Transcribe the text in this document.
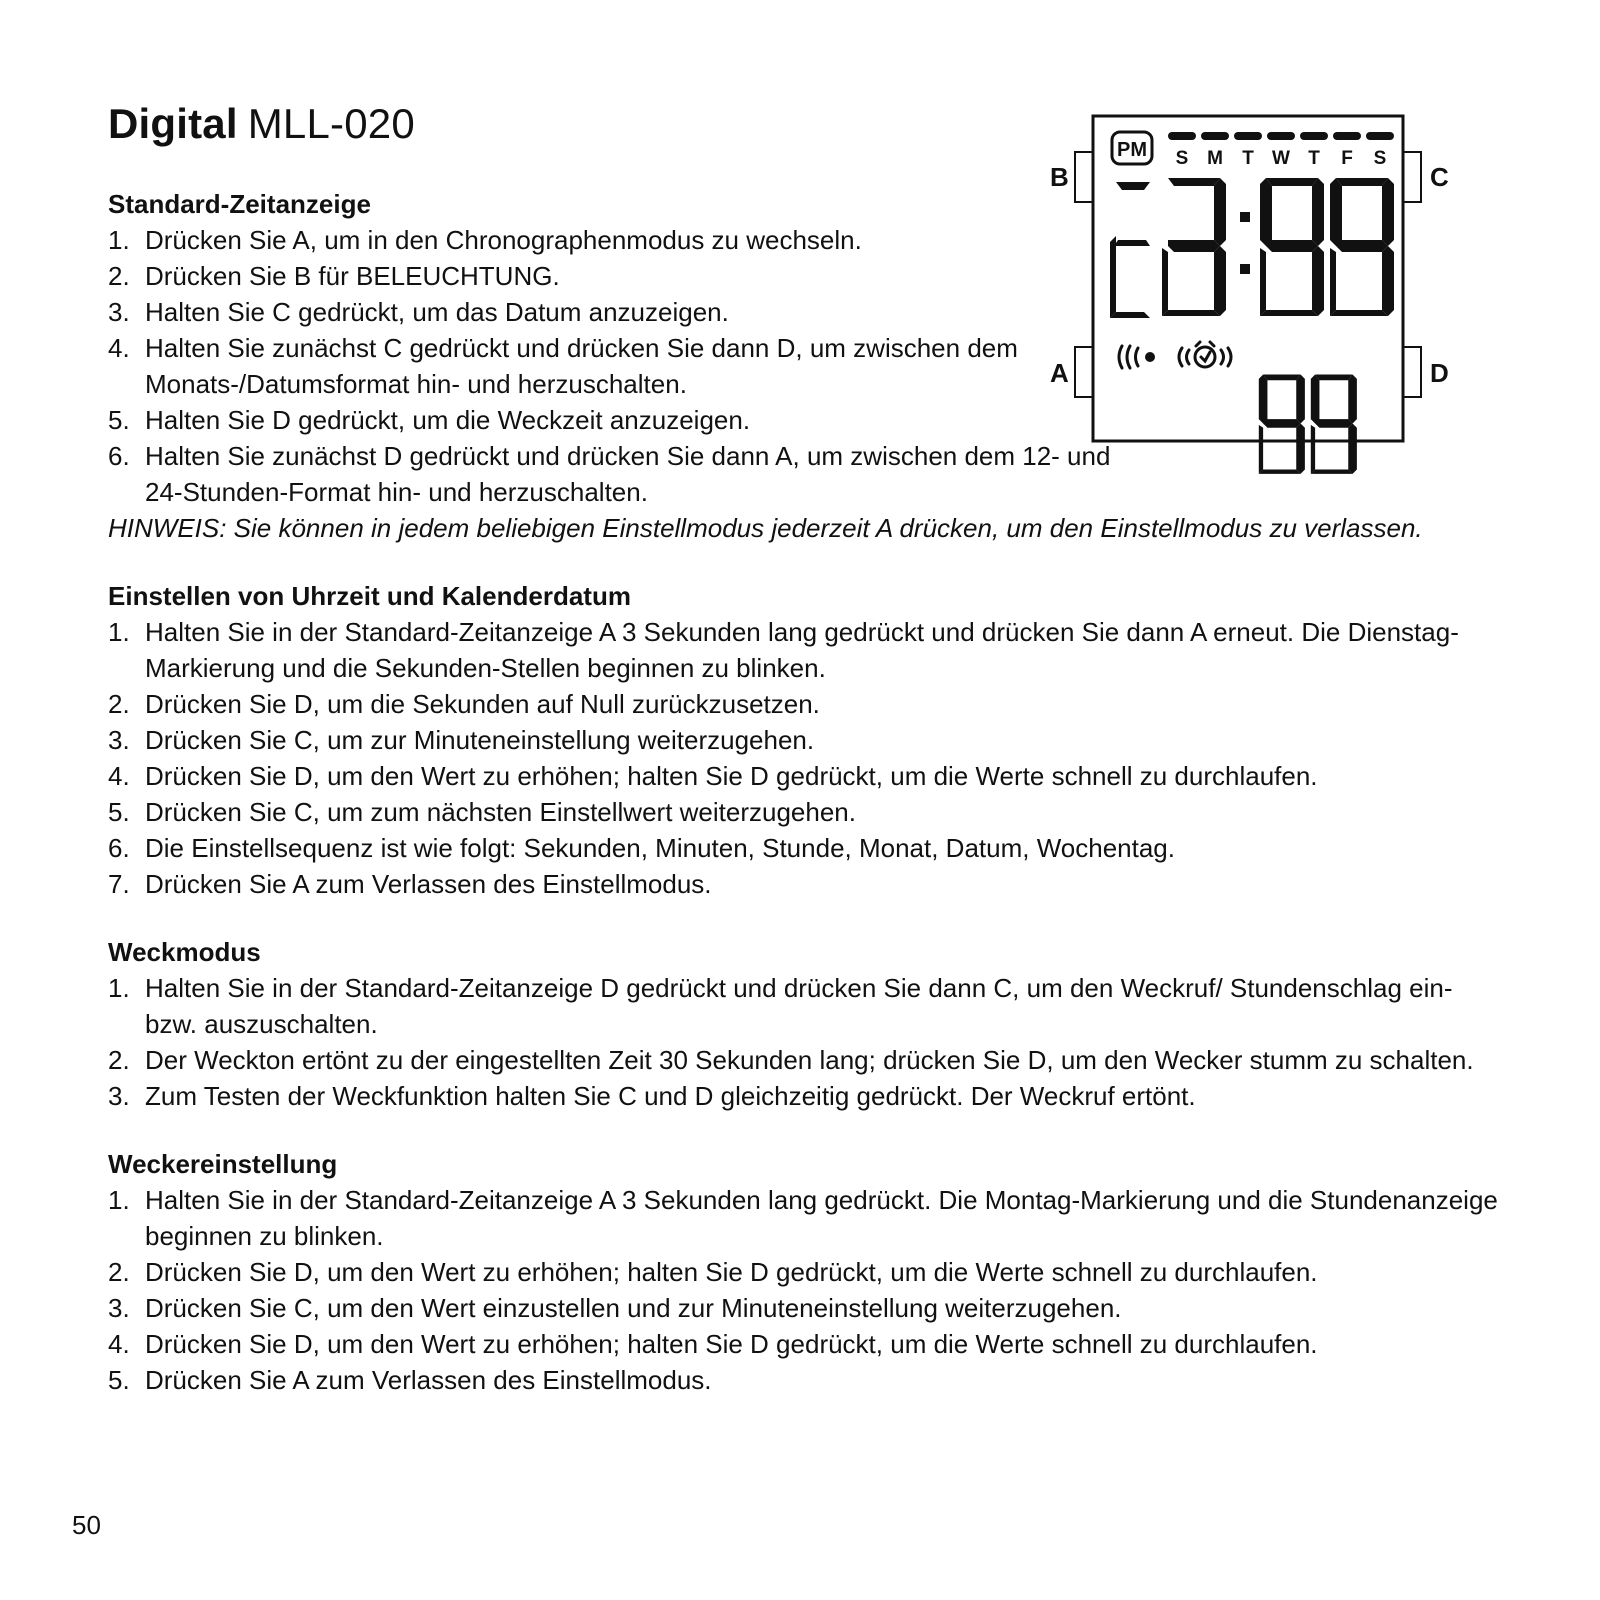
Digital MLL-020
B
A
C
D
PM S M T W T F S
Standard-Zeitanzeige
1. Drücken Sie A, um in den Chronographenmodus zu wechseln.
2. Drücken Sie B für BELEUCHTUNG.
3. Halten Sie C gedrückt, um das Datum anzuzeigen.
4. Halten Sie zunächst C gedrückt und drücken Sie dann D, um zwischen dem Monats-/Datumsformat hin- und herzuschalten.
5. Halten Sie D gedrückt, um die Weckzeit anzuzeigen.
6. Halten Sie zunächst D gedrückt und drücken Sie dann A, um zwischen dem 12- und 24-Stunden-Format hin- und herzuschalten.

HINWEIS: Sie können in jedem beliebigen Einstellmodus jederzeit A drücken, um den Einstellmodus zu verlassen.

Einstellen von Uhrzeit und Kalenderdatum
1. Halten Sie in der Standard-Zeitanzeige A 3 Sekunden lang gedrückt und drücken Sie dann A erneut. Die Dienstag-Markierung und die Sekunden-Stellen beginnen zu blinken.
2. Drücken Sie D, um die Sekunden auf Null zurückzusetzen.
3. Drücken Sie C, um zur Minuteneinstellung weiterzugehen.
4. Drücken Sie D, um den Wert zu erhöhen; halten Sie D gedrückt, um die Werte schnell zu durchlaufen.
5. Drücken Sie C, um zum nächsten Einstellwert weiterzugehen.
6. Die Einstellsequenz ist wie folgt: Sekunden, Minuten, Stunde, Monat, Datum, Wochentag.
7. Drücken Sie A zum Verlassen des Einstellmodus.
Weckmodus
1. Halten Sie in der Standard-Zeitanzeige D gedrückt und drücken Sie dann C, um den Weckruf/ Stundenschlag ein- bzw. auszuschalten.
2. Der Weckton ertönt zu der eingestellten Zeit 30 Sekunden lang; drücken Sie D, um den Wecker stumm zu schalten.
3. Zum Testen der Weckfunktion halten Sie C und D gleichzeitig gedrückt. Der Weckruf ertönt.
Weckereinstellung
1. Halten Sie in der Standard-Zeitanzeige A 3 Sekunden lang gedrückt. Die Montag-Markierung und die Stundenanzeige beginnen zu blinken.
2. Drücken Sie D, um den Wert zu erhöhen; halten Sie D gedrückt, um die Werte schnell zu durchlaufen.
3. Drücken Sie C, um den Wert einzustellen und zur Minuteneinstellung weiterzugehen.
4. Drücken Sie D, um den Wert zu erhöhen; halten Sie D gedrückt, um die Werte schnell zu durchlaufen.
5. Drücken Sie A zum Verlassen des Einstellmodus.

50
